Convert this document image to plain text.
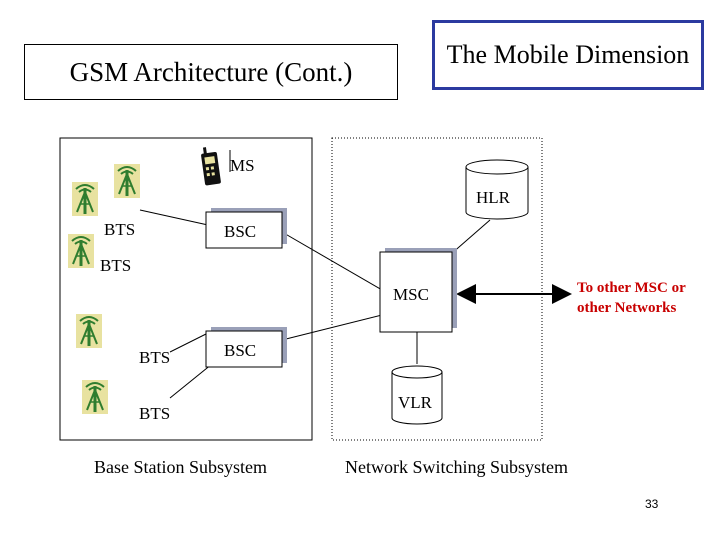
GSM Architecture (Cont.)
The Mobile Dimension
MS
HLR
BSC
BSC
MSC
VLR
BTS
BTS
BTS
BTS
To other MSC or
other Networks
Base Station Subsystem	Network Switching Subsystem
33
